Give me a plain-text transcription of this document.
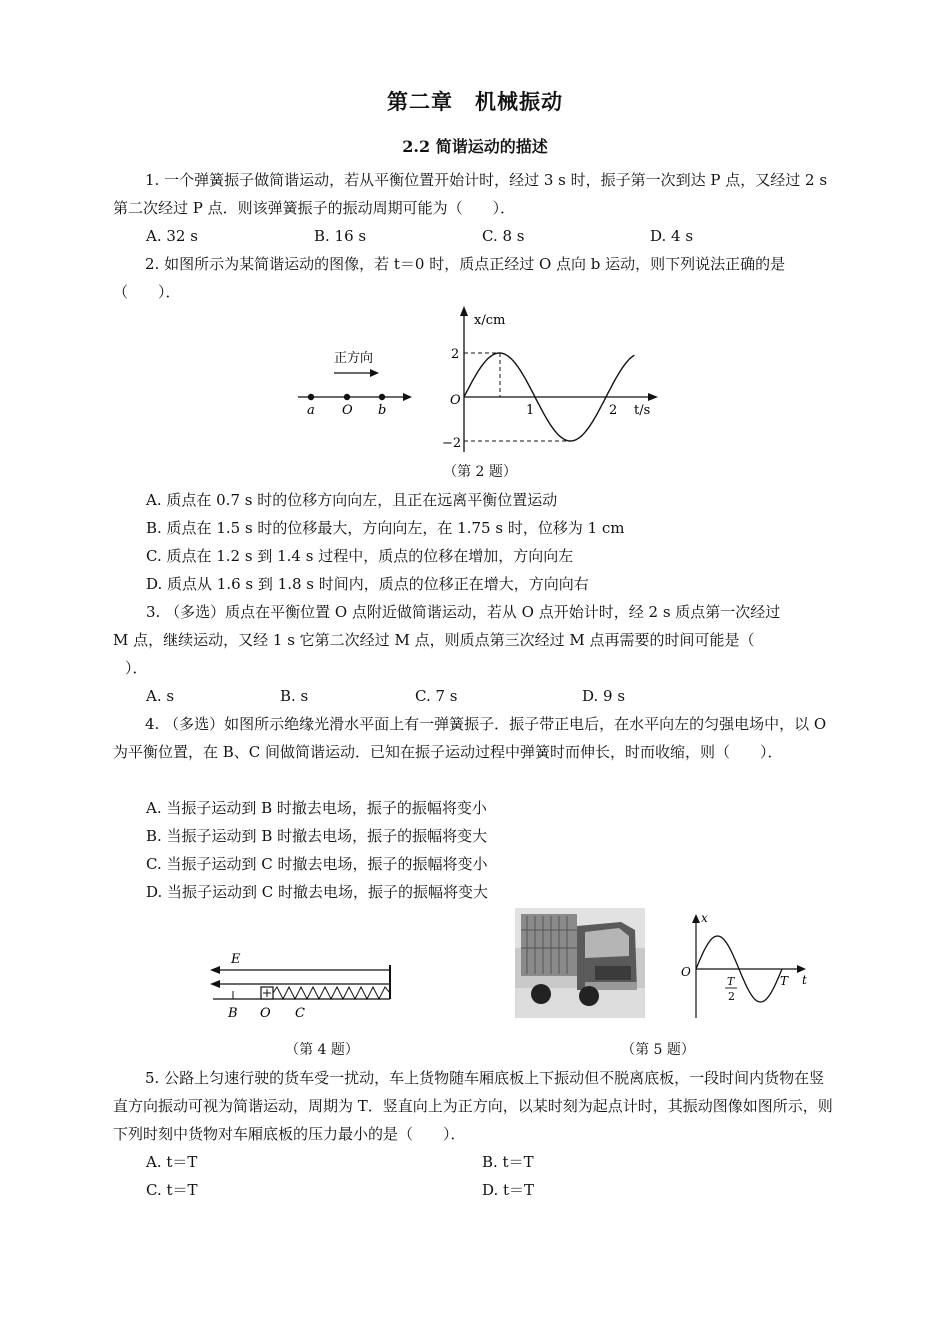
第二章　机械振动
2.2 简谐运动的描述

1. 一个弹簧振子做简谐运动，若从平衡位置开始计时，经过 3 s 时，振子第一次到达 P 点，又经过 2 s 第二次经过 P 点．则该弹簧振子的振动周期可能为（　　）．

A. 32 s	B. 16 s	C. 8 s	D. 4 s

2. 如图所示为某简谐运动的图像，若 t＝0 时，质点正经过 O 点向 b 运动，则下列说法正确的是（　　）．

正方向
a O b
x/cm
t/s
O
2
−2
1	2
（第 2 题）
A. 质点在 0.7 s 时的位移方向向左，且正在远离平衡位置运动
B. 质点在 1.5 s 时的位移最大，方向向左，在 1.75 s 时，位移为 1 cm
C. 质点在 1.2 s 到 1.4 s 过程中，质点的位移在增加，方向向左
D. 质点从 1.6 s 到 1.8 s 时间内，质点的位移正在增大，方向向右
3. （多选）质点在平衡位置 O 点附近做简谐运动，若从 O 点开始计时，经 2 s 质点第一次经过
M 点，继续运动，又经 1 s 它第二次经过 M 点，则质点第三次经过 M 点再需要的时间可能是（
）．
A. s	B. s	C. 7 s	D. 9 s

4. （多选）如图所示绝缘光滑水平面上有一弹簧振子．振子带正电后，在水平向左的匀强电场中，以 O 为平衡位置，在 B、C 间做简谐运动．已知在振子运动过程中弹簧时而伸长，时而收缩，则（　　）．

A. 当振子运动到 B 时撤去电场，振子的振幅将变小
B. 当振子运动到 B 时撤去电场，振子的振幅将变大
C. 当振子运动到 C 时撤去电场，振子的振幅将变小
D. 当振子运动到 C 时撤去电场，振子的振幅将变大
E
B O C
（第 4 题）
x
t
O
T
2
T
（第 5 题）

5. 公路上匀速行驶的货车受一扰动，车上货物随车厢底板上下振动但不脱离底板，一段时间内货物在竖直方向振动可视为简谐运动，周期为 T．竖直向上为正方向，以某时刻为起点计时，其振动图像如图所示，则下列时刻中货物对车厢底板的压力最小的是（　　）．

A. t＝T	B. t＝T
C. t＝T	D. t＝T
